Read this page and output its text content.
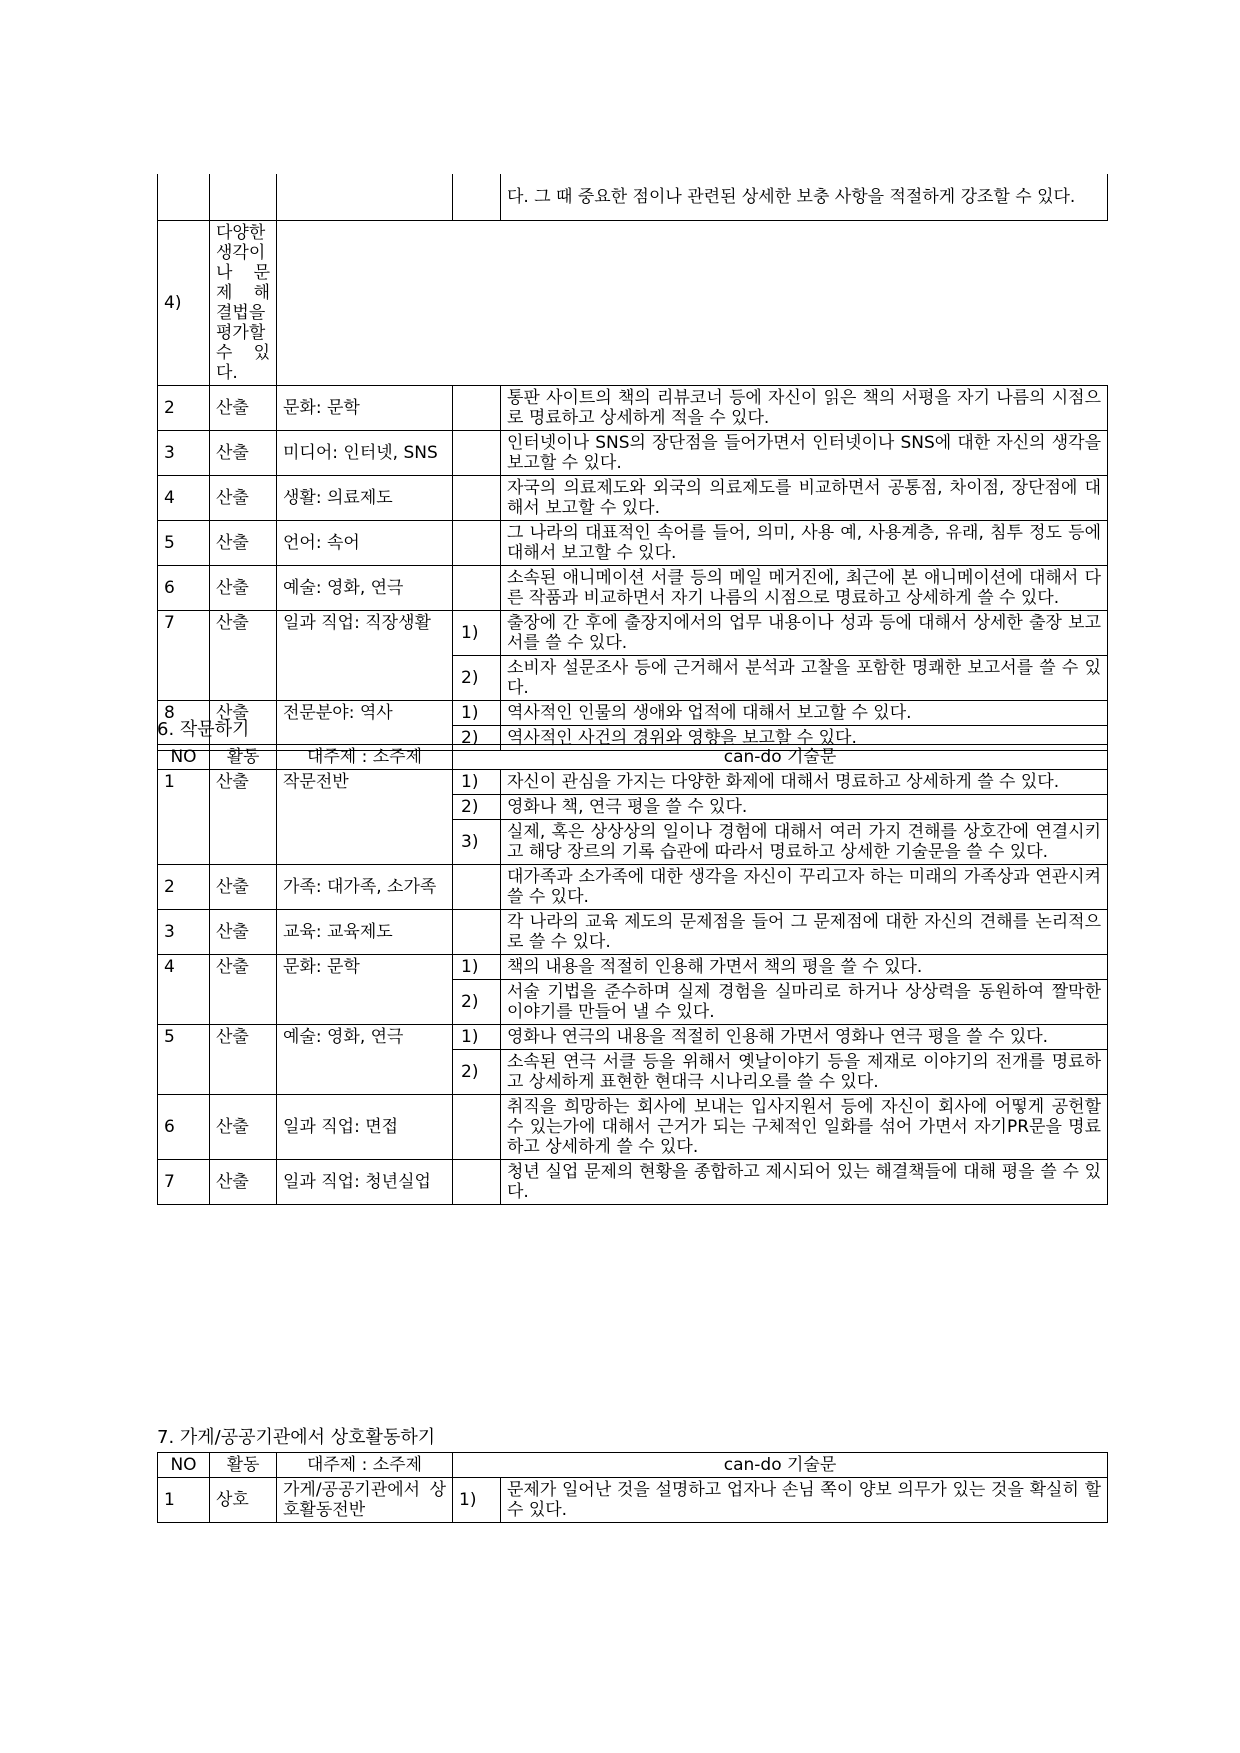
				다. 그 때 중요한 점이나 관련된 상세한 보충 사항을 적절하게 강조할 수 있다.
4)	다양한 생각이나 문제 해결법을 평가할 수 있다.			
2	산출	문화: 문학		통판 사이트의 책의 리뷰코너 등에 자신이 읽은 책의 서평을 자기 나름의 시점으로 명료하고 상세하게 적을 수 있다.
3	산출	미디어: 인터넷, SNS		인터넷이나 SNS의 장단점을 들어가면서 인터넷이나 SNS에 대한 자신의 생각을 보고할 수 있다.
4	산출	생활: 의료제도		자국의 의료제도와 외국의 의료제도를 비교하면서 공통점, 차이점, 장단점에 대해서 보고할 수 있다.
5	산출	언어: 속어		그 나라의 대표적인 속어를 들어, 의미, 사용 예, 사용계층, 유래, 침투 정도 등에 대해서 보고할 수 있다.
6	산출	예술: 영화, 연극		소속된 애니메이션 서클 등의 메일 메거진에, 최근에 본 애니메이션에 대해서 다른 작품과 비교하면서 자기 나름의 시점으로 명료하고 상세하게 쓸 수 있다.
7	산출	일과 직업: 직장생활	1)	출장에 간 후에 출장지에서의 업무 내용이나 성과 등에 대해서 상세한 출장 보고서를 쓸 수 있다.
			2)	소비자 설문조사 등에 근거해서 분석과 고찰을 포함한 명쾌한 보고서를 쓸 수 있다.
8	산출	전문분야: 역사	1)	역사적인 인물의 생애와 업적에 대해서 보고할 수 있다.
			2)	역사적인 사건의 경위와 영향을 보고할 수 있다.
6. 작문하기
NO	활동	대주제 : 소주제	can-do 기술문	
1	산출	작문전반	1)	자신이 관심을 가지는 다양한 화제에 대해서 명료하고 상세하게 쓸 수 있다.
			2)	영화나 책, 연극 평을 쓸 수 있다.
			3)	실제, 혹은 상상상의 일이나 경험에 대해서 여러 가지 견해를 상호간에 연결시키고 해당 장르의 기록 습관에 따라서 명료하고 상세한 기술문을 쓸 수 있다.
2	산출	가족: 대가족, 소가족		대가족과 소가족에 대한 생각을 자신이 꾸리고자 하는 미래의 가족상과 연관시켜 쓸 수 있다.
3	산출	교육: 교육제도		각 나라의 교육 제도의 문제점을 들어 그 문제점에 대한 자신의 견해를 논리적으로 쓸 수 있다.
4	산출	문화: 문학	1)	책의 내용을 적절히 인용해 가면서 책의 평을 쓸 수 있다.
			2)	서술 기법을 준수하며 실제 경험을 실마리로 하거나 상상력을 동원하여 짤막한 이야기를 만들어 낼 수 있다.
5	산출	예술: 영화, 연극	1)	영화나 연극의 내용을 적절히 인용해 가면서 영화나 연극 평을 쓸 수 있다.
			2)	소속된 연극 서클 등을 위해서 옛날이야기 등을 제재로 이야기의 전개를 명료하고 상세하게 표현한 현대극 시나리오를 쓸 수 있다.
6	산출	일과 직업: 면접		취직을 희망하는 회사에 보내는 입사지원서 등에 자신이 회사에 어떻게 공헌할 수 있는가에 대해서 근거가 되는 구체적인 일화를 섞어 가면서 자기PR문을 명료하고 상세하게 쓸 수 있다.
7	산출	일과 직업: 청년실업		청년 실업 문제의 현황을 종합하고 제시되어 있는 해결책들에 대해 평을 쓸 수 있다.
7. 가게/공공기관에서 상호활동하기
NO	활동	대주제 : 소주제	can-do 기술문	
1	상호	가게/공공기관에서 상호활동전반	1)	문제가 일어난 것을 설명하고 업자나 손님 쪽이 양보 의무가 있는 것을 확실히 할 수 있다.
